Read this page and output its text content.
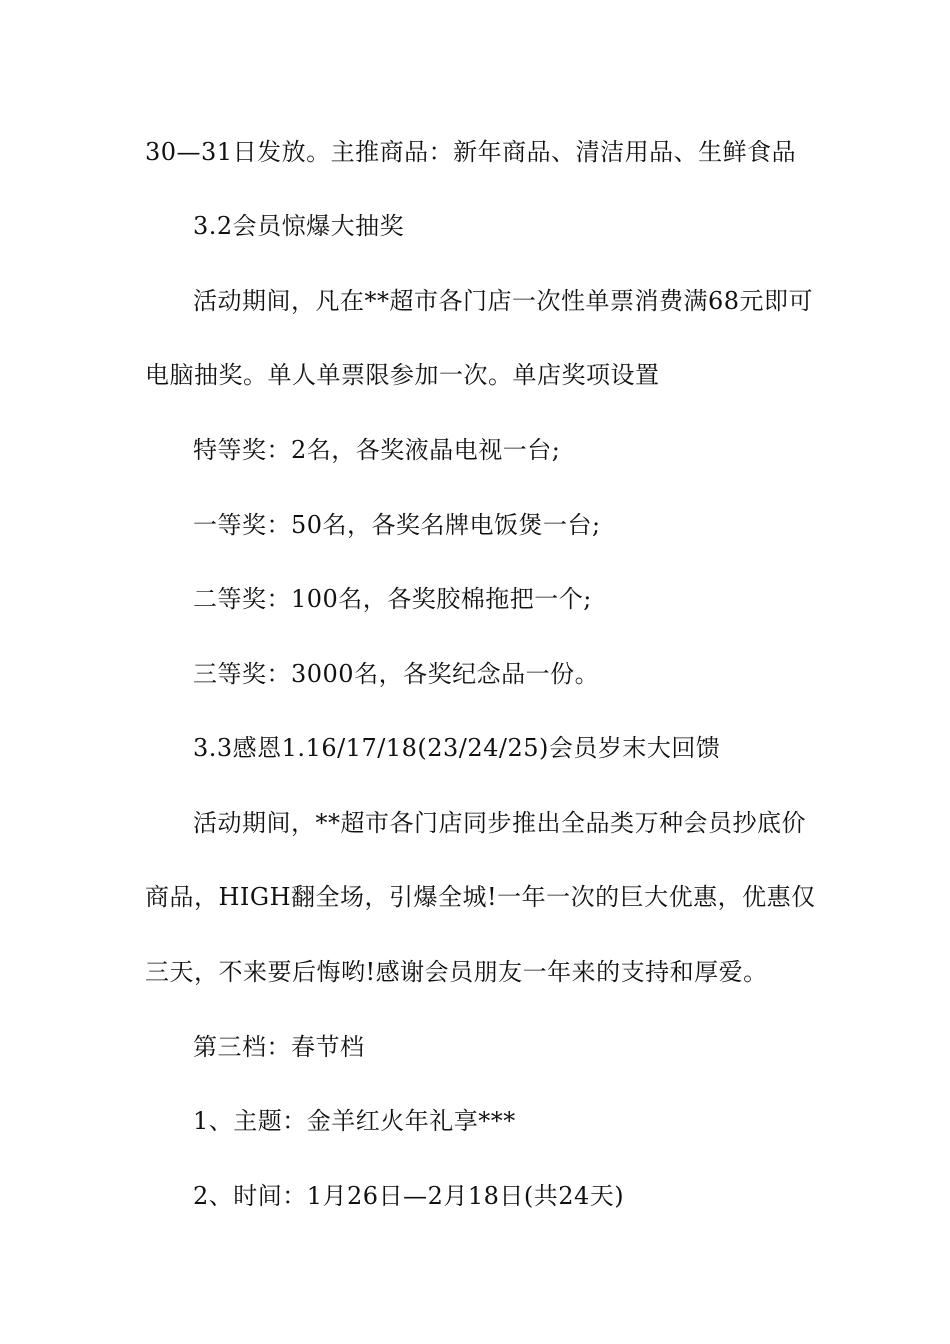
30—31日发放。主推商品：新年商品、清洁用品、生鲜食品
3.2会员惊爆大抽奖
活动期间，凡在**超市各门店一次性单票消费满68元即可
电脑抽奖。单人单票限参加一次。单店奖项设置
特等奖：2名，各奖液晶电视一台;
一等奖：50名，各奖名牌电饭煲一台;
二等奖：100名，各奖胶棉拖把一个;
三等奖：3000名，各奖纪念品一份。
3.3感恩1.16/17/18(23/24/25)会员岁末大回馈
活动期间，**超市各门店同步推出全品类万种会员抄底价
商品，HIGH翻全场，引爆全城!一年一次的巨大优惠，优惠仅
三天，不来要后悔哟!感谢会员朋友一年来的支持和厚爱。
第三档：春节档
1、主题：金羊红火年礼享***
2、时间：1月26日—2月18日(共24天)
